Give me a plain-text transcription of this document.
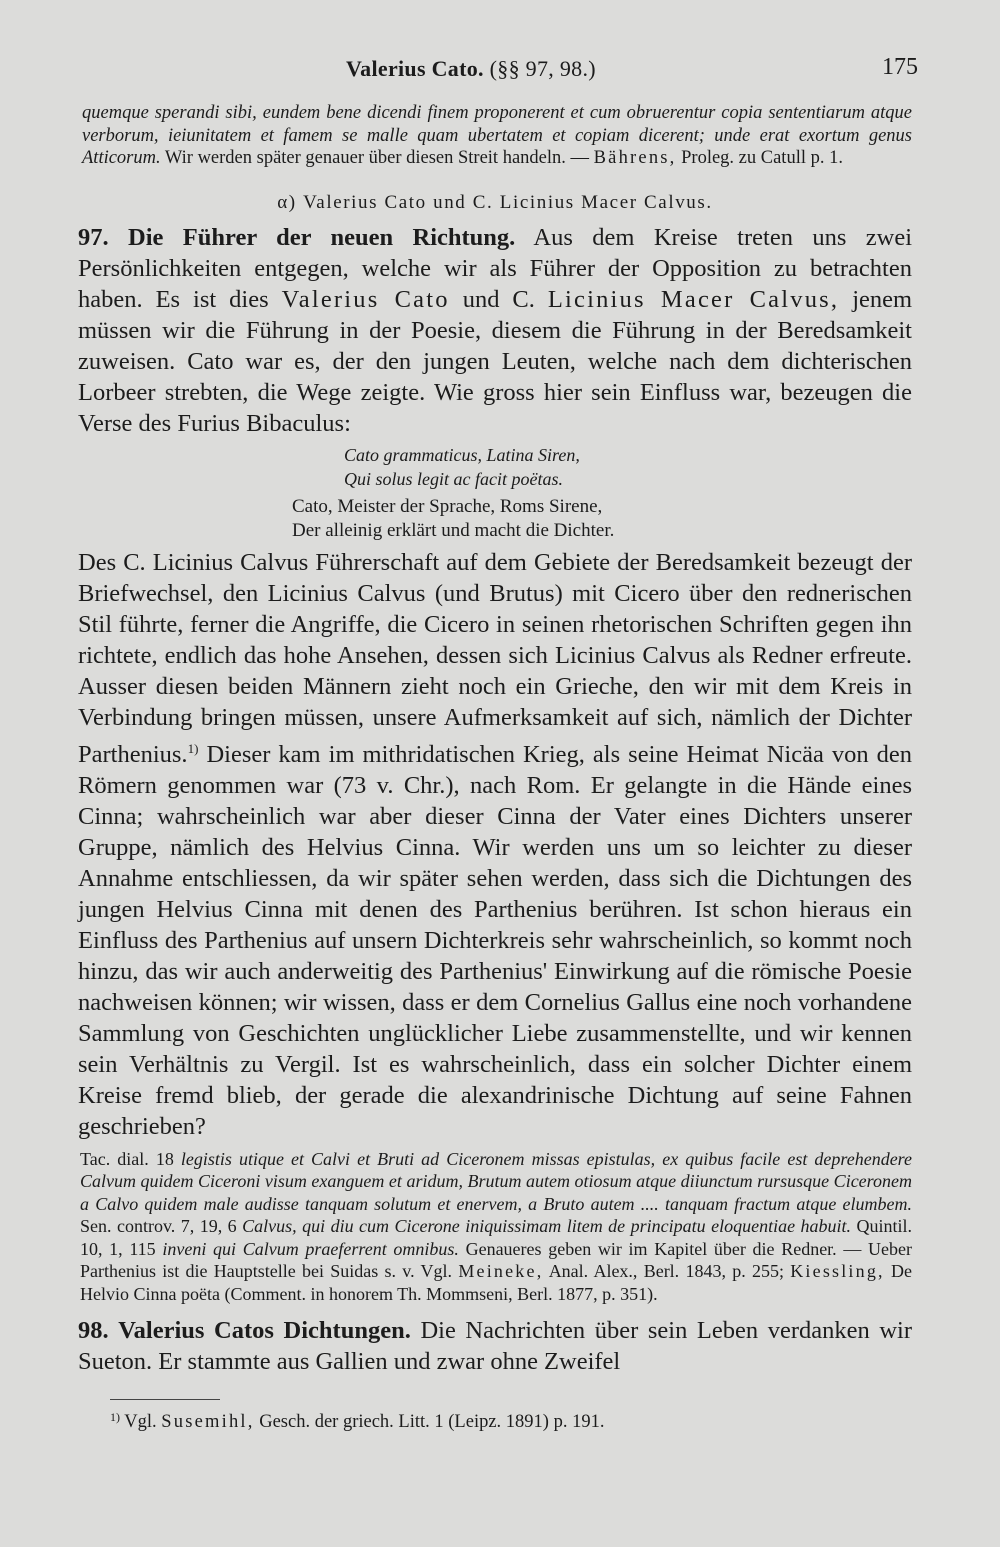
Valerius Cato. (§§ 97, 98.)	175

quemque sperandi sibi, eundem bene dicendi finem proponerent et cum obruerentur copia sententiarum atque verborum, ieiunitatem et famem se malle quam ubertatem et copiam dicerent; unde erat exortum genus Atticorum. Wir werden später genauer über diesen Streit handeln. — Bährens, Proleg. zu Catull p. 1.

α) Valerius Cato und C. Licinius Macer Calvus.

97. Die Führer der neuen Richtung. Aus dem Kreise treten uns zwei Persönlichkeiten entgegen, welche wir als Führer der Opposition zu betrachten haben. Es ist dies Valerius Cato und C. Licinius Macer Calvus, jenem müssen wir die Führung in der Poesie, diesem die Führung in der Beredsamkeit zuweisen. Cato war es, der den jungen Leuten, welche nach dem dichterischen Lorbeer strebten, die Wege zeigte. Wie gross hier sein Einfluss war, bezeugen die Verse des Furius Bibaculus:

Cato grammaticus, Latina Siren,
Qui solus legit ac facit poëtas.
Cato, Meister der Sprache, Roms Sirene,
Der alleinig erklärt und macht die Dichter.

Des C. Licinius Calvus Führerschaft auf dem Gebiete der Beredsamkeit bezeugt der Briefwechsel, den Licinius Calvus (und Brutus) mit Cicero über den rednerischen Stil führte, ferner die Angriffe, die Cicero in seinen rhetorischen Schriften gegen ihn richtete, endlich das hohe Ansehen, dessen sich Licinius Calvus als Redner erfreute. Ausser diesen beiden Männern zieht noch ein Grieche, den wir mit dem Kreis in Verbindung bringen müssen, unsere Aufmerksamkeit auf sich, nämlich der Dichter Parthenius.$^{1)}$ Dieser kam im mithridatischen Krieg, als seine Heimat Nicäa von den Römern genommen war (73 v. Chr.), nach Rom. Er gelangte in die Hände eines Cinna; wahrscheinlich war aber dieser Cinna der Vater eines Dichters unserer Gruppe, nämlich des Helvius Cinna. Wir werden uns um so leichter zu dieser Annahme entschliessen, da wir später sehen werden, dass sich die Dichtungen des jungen Helvius Cinna mit denen des Parthenius berühren. Ist schon hieraus ein Einfluss des Parthenius auf unsern Dichterkreis sehr wahrscheinlich, so kommt noch hinzu, das wir auch anderweitig des Parthenius' Einwirkung auf die römische Poesie nachweisen können; wir wissen, dass er dem Cornelius Gallus eine noch vorhandene Sammlung von Geschichten unglücklicher Liebe zusammenstellte, und wir kennen sein Verhältnis zu Vergil. Ist es wahrscheinlich, dass ein solcher Dichter einem Kreise fremd blieb, der gerade die alexandrinische Dichtung auf seine Fahnen geschrieben?

Tac. dial. 18 legistis utique et Calvi et Bruti ad Ciceronem missas epistulas, ex quibus facile est deprehendere Calvum quidem Ciceroni visum exanguem et aridum, Brutum autem otiosum atque diiunctum rursusque Ciceronem a Calvo quidem male audisse tanquam solutum et enervem, a Bruto autem .... tanquam fractum atque elumbem. Sen. controv. 7, 19, 6 Calvus, qui diu cum Cicerone iniquissimam litem de principatu eloquentiae habuit. Quintil. 10, 1, 115 inveni qui Calvum praeferrent omnibus. Genaueres geben wir im Kapitel über die Redner. — Ueber Parthenius ist die Hauptstelle bei Suidas s. v. Vgl. Meineke, Anal. Alex., Berl. 1843, p. 255; Kiessling, De Helvio Cinna poëta (Comment. in honorem Th. Mommseni, Berl. 1877, p. 351).

98. Valerius Catos Dichtungen. Die Nachrichten über sein Leben verdanken wir Sueton. Er stammte aus Gallien und zwar ohne Zweifel

$^{1)}$ Vgl. Susemihl, Gesch. der griech. Litt. 1 (Leipz. 1891) p. 191.
